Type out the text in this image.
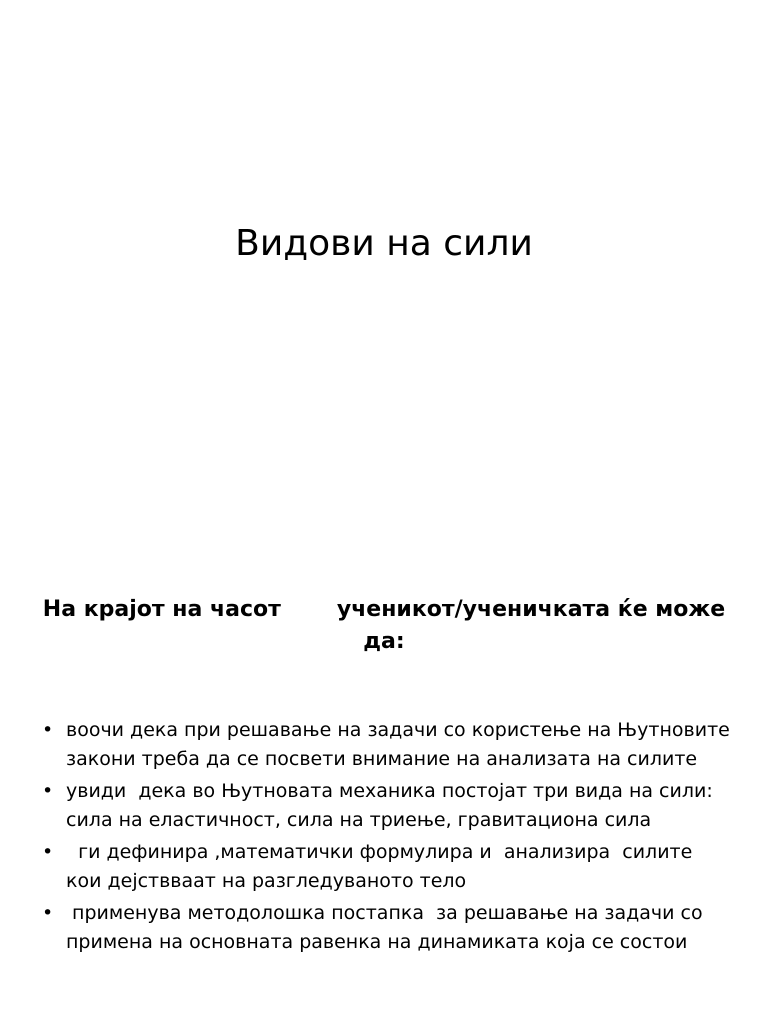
Видови на сили
На крајот на часот	ученикот/ученичката ќе може да:
• воочи дека при решавање на задачи со користење на Њутновите закони треба да се посвети внимание на анализата на силите
• увиди  дека во Њутновата механика постојат три вида на сили: сила на еластичност, сила на триење, гравитациона сила
• ги дефинира ,математички формулира и  анализира  силите кои дејствваат на разгледуваното тело
• применува методолошка постапка  за решавање на задачи со примена на основната равенка на динамиката која се состои
